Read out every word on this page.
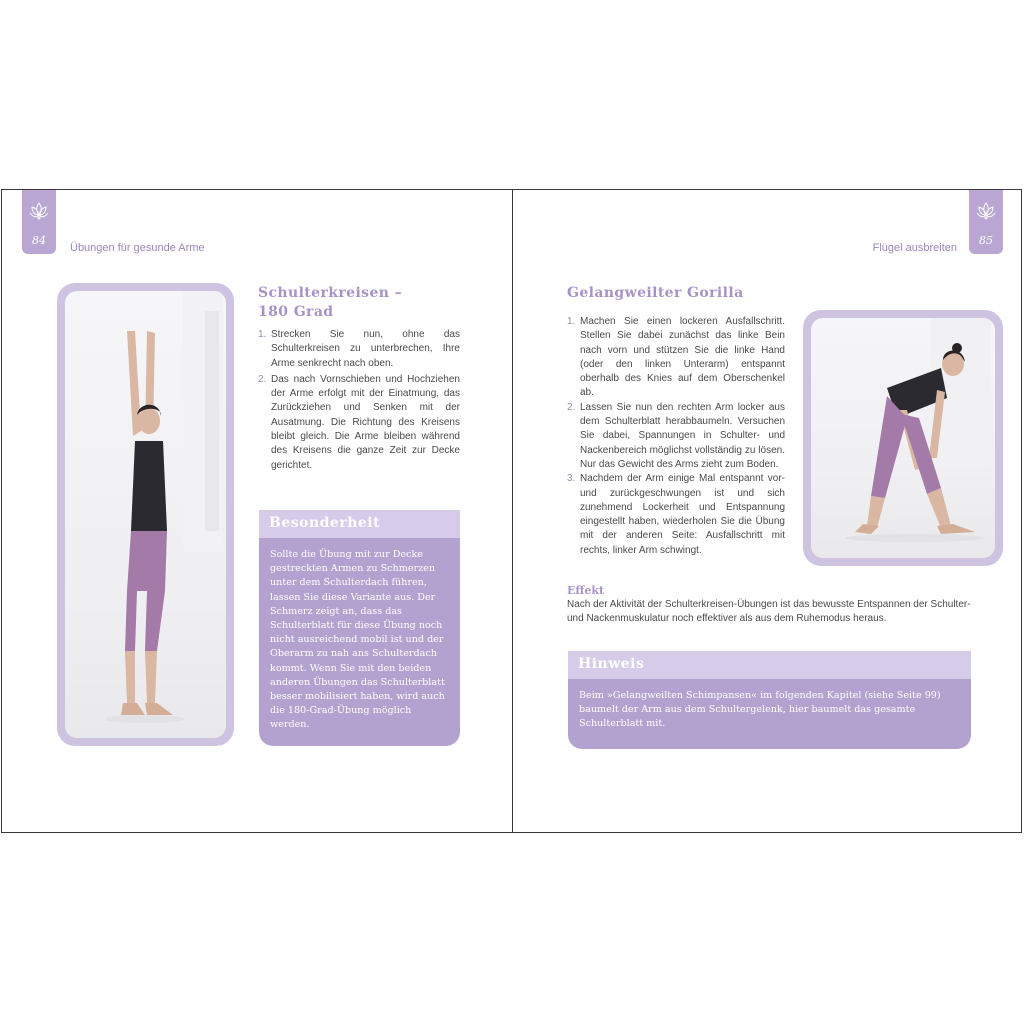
84
Übungen für gesunde Arme
Schulterkreisen –
180 Grad
1. Strecken Sie nun, ohne das Schulterkreisen zu unterbrechen, Ihre Arme senkrecht nach oben.
2. Das nach Vornschieben und Hochziehen der Arme erfolgt mit der Einatmung, das Zurückziehen und Senken mit der Ausatmung. Die Richtung des Kreisens bleibt gleich. Die Arme bleiben während des Kreisens die ganze Zeit zur Decke gerichtet.
Besonderheit
Sollte die Übung mit zur Decke gestreckten Armen zu Schmerzen unter dem Schulterdach führen, lassen Sie diese Variante aus. Der Schmerz zeigt an, dass das Schulterblatt für diese Übung noch nicht ausreichend mobil ist und der Oberarm zu nah ans Schulterdach kommt. Wenn Sie mit den beiden anderen Übungen das Schulterblatt besser mobilisiert haben, wird auch die 180-Grad-Übung möglich werden.
85
Flügel ausbreiten
Gelangweilter Gorilla
1. Machen Sie einen lockeren Ausfallschritt. Stellen Sie dabei zunächst das linke Bein nach vorn und stützen Sie die linke Hand (oder den linken Unterarm) entspannt oberhalb des Knies auf dem Oberschenkel ab.
2. Lassen Sie nun den rechten Arm locker aus dem Schulterblatt herabbaumeln. Versuchen Sie dabei, Spannungen in Schulter- und Nackenbereich möglichst vollständig zu lösen. Nur das Gewicht des Arms zieht zum Boden.
3. Nachdem der Arm einige Mal entspannt vor- und zurückgeschwungen ist und sich zunehmend Lockerheit und Entspannung eingestellt haben, wiederholen Sie die Übung mit der anderen Seite: Ausfallschritt mit rechts, linker Arm schwingt.
Effekt
Nach der Aktivität der Schulterkreisen-Übungen ist das bewusste Entspannen der Schulter- und Nackenmuskulatur noch effektiver als aus dem Ruhemodus heraus.
Hinweis
Beim »Gelangweilten Schimpansen« im folgenden Kapitel (siehe Seite 99) baumelt der Arm aus dem Schultergelenk, hier baumelt das gesamte Schulterblatt mit.
